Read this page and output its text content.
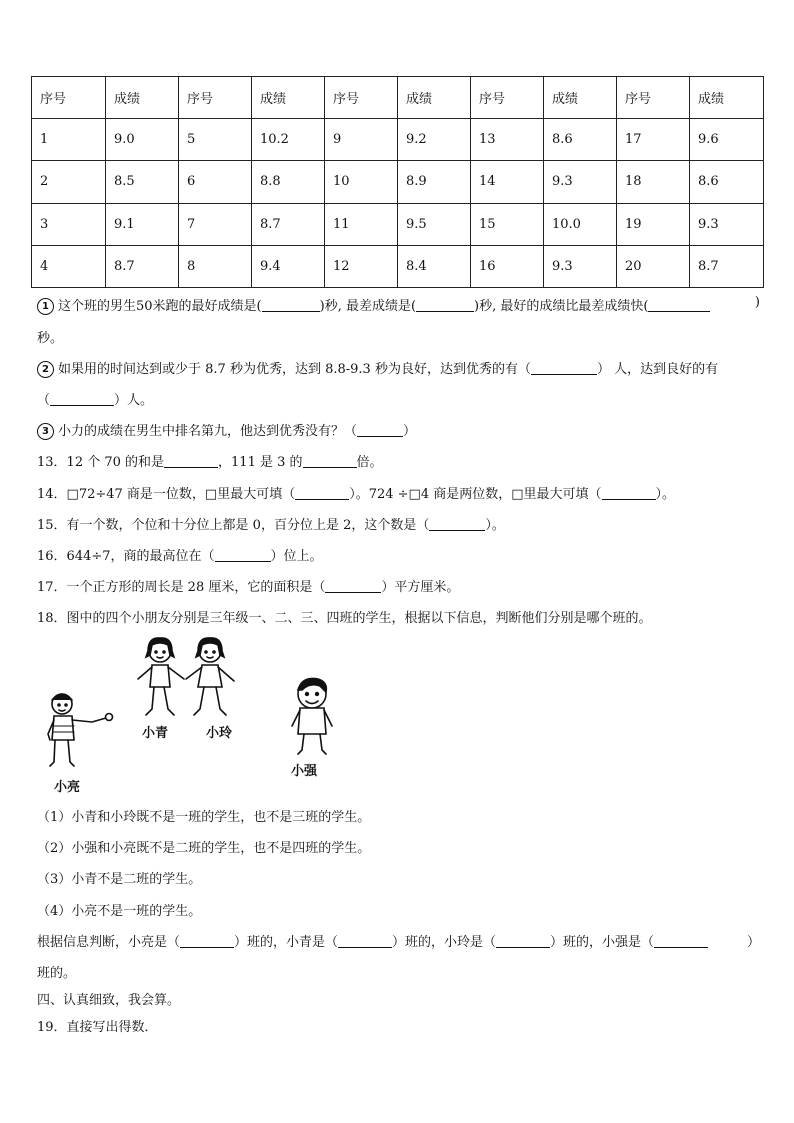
序号	成绩	序号	成绩	序号	成绩	序号	成绩	序号	成绩
1	9.0	5	10.2	9	9.2	13	8.6	17	9.6
2	8.5	6	8.8	10	8.9	14	9.3	18	8.6
3	9.1	7	8.7	11	9.5	15	10.0	19	9.3
4	8.7	8	9.4	12	8.4	16	9.3	20	8.7
1 这个班的男生50米跑的最好成绩是(	)秒, 最差成绩是(	)秒, 最好的成绩比最差成绩快(	)
秒。
2 如果用的时间达到或少于 8.7 秒为优秀，达到 8.8-9.3 秒为良好，达到优秀的有（	） 人，达到良好的有
（	）人。
3 小力的成绩在男生中排名第九，他达到优秀没有？（	）
13．12 个 70 的和是	，111 是 3 的	倍。
14．□72÷47 商是一位数，□里最大可填（	）。724 ÷□4 商是两位数，□里最大可填（	）。
15．有一个数，个位和十分位上都是 0，百分位上是 2，这个数是（	）。
16．644÷7，商的最高位在（	）位上。
17．一个正方形的周长是 28 厘米，它的面积是（	）平方厘米。
18．图中的四个小朋友分别是三年级一、二、三、四班的学生，根据以下信息，判断他们分别是哪个班的。
小亮
小青	小玲
小强
（1）小青和小玲既不是一班的学生，也不是三班的学生。
（2）小强和小亮既不是二班的学生，也不是四班的学生。
（3）小青不是二班的学生。
（4）小亮不是一班的学生。
根据信息判断，小亮是（	）班的，小青是（	）班的，小玲是（	）班的，小强是（	）
班的。
四、认真细致，我会算。
19．直接写出得数．
